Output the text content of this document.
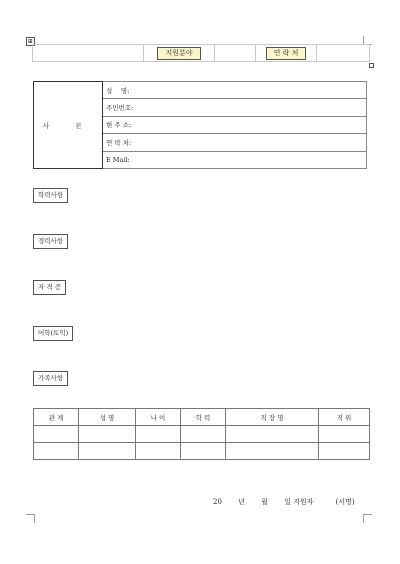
⊞

지원분야		연 락 처

사 진	성　 명:
주민번호:
현 주 소:
연 락 처:
E Mail:
학력사항
경력사항
자 격 증
어학(토익)
가족사항
관 계	성 명	나 이	학 력	직 장 명	직 위

20 년 월 일 지원자	(서명)
